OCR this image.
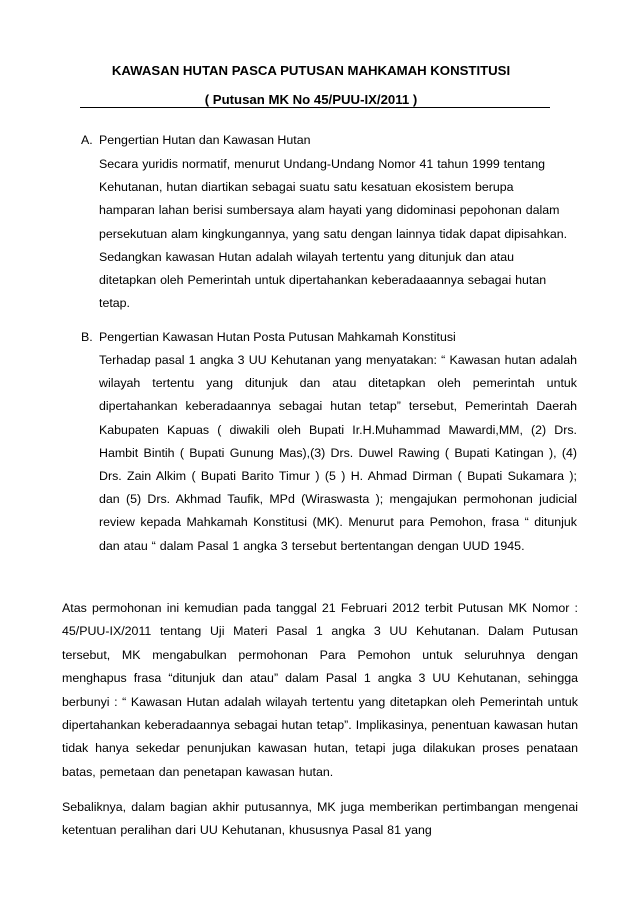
KAWASAN HUTAN PASCA PUTUSAN MAHKAMAH KONSTITUSI
( Putusan MK No 45/PUU-IX/2011 )
A. Pengertian Hutan dan Kawasan Hutan

Secara yuridis normatif, menurut Undang-Undang Nomor 41 tahun 1999 tentang Kehutanan, hutan diartikan sebagai suatu satu kesatuan ekosistem berupa hamparan lahan berisi sumbersaya alam hayati yang didominasi pepohonan dalam persekutuan alam kingkungannya, yang satu dengan lainnya tidak dapat dipisahkan. Sedangkan kawasan Hutan adalah wilayah tertentu yang ditunjuk dan atau ditetapkan oleh Pemerintah untuk dipertahankan keberadaaannya sebagai hutan tetap.

B. Pengertian Kawasan Hutan Posta Putusan Mahkamah Konstitusi

Terhadap pasal 1 angka 3 UU Kehutanan yang menyatakan: “ Kawasan hutan adalah wilayah tertentu yang ditunjuk dan atau ditetapkan oleh pemerintah untuk dipertahankan keberadaannya sebagai hutan tetap” tersebut, Pemerintah Daerah Kabupaten Kapuas ( diwakili oleh Bupati Ir.H.Muhammad Mawardi,MM, (2) Drs. Hambit Bintih ( Bupati Gunung Mas),(3) Drs. Duwel Rawing ( Bupati Katingan ), (4) Drs. Zain Alkim ( Bupati Barito Timur ) (5 ) H. Ahmad Dirman ( Bupati Sukamara ); dan (5) Drs. Akhmad Taufik, MPd (Wiraswasta ); mengajukan permohonan judicial review kepada Mahkamah Konstitusi (MK). Menurut para Pemohon, frasa “ ditunjuk dan atau “ dalam Pasal 1 angka 3 tersebut bertentangan dengan UUD 1945.

Atas permohonan ini kemudian pada tanggal 21 Februari 2012 terbit Putusan MK Nomor : 45/PUU-IX/2011 tentang Uji Materi Pasal 1 angka 3 UU Kehutanan. Dalam Putusan tersebut, MK mengabulkan permohonan Para Pemohon untuk seluruhnya dengan menghapus frasa “ditunjuk dan atau” dalam Pasal 1 angka 3 UU Kehutanan, sehingga berbunyi : “ Kawasan Hutan adalah wilayah tertentu yang ditetapkan oleh Pemerintah untuk dipertahankan keberadaannya sebagai hutan tetap”. Implikasinya, penentuan kawasan hutan tidak hanya sekedar penunjukan kawasan hutan, tetapi juga dilakukan proses penataan batas, pemetaan dan penetapan kawasan hutan.

Sebaliknya, dalam bagian akhir putusannya, MK juga memberikan pertimbangan mengenai ketentuan peralihan dari UU Kehutanan, khususnya Pasal 81 yang
